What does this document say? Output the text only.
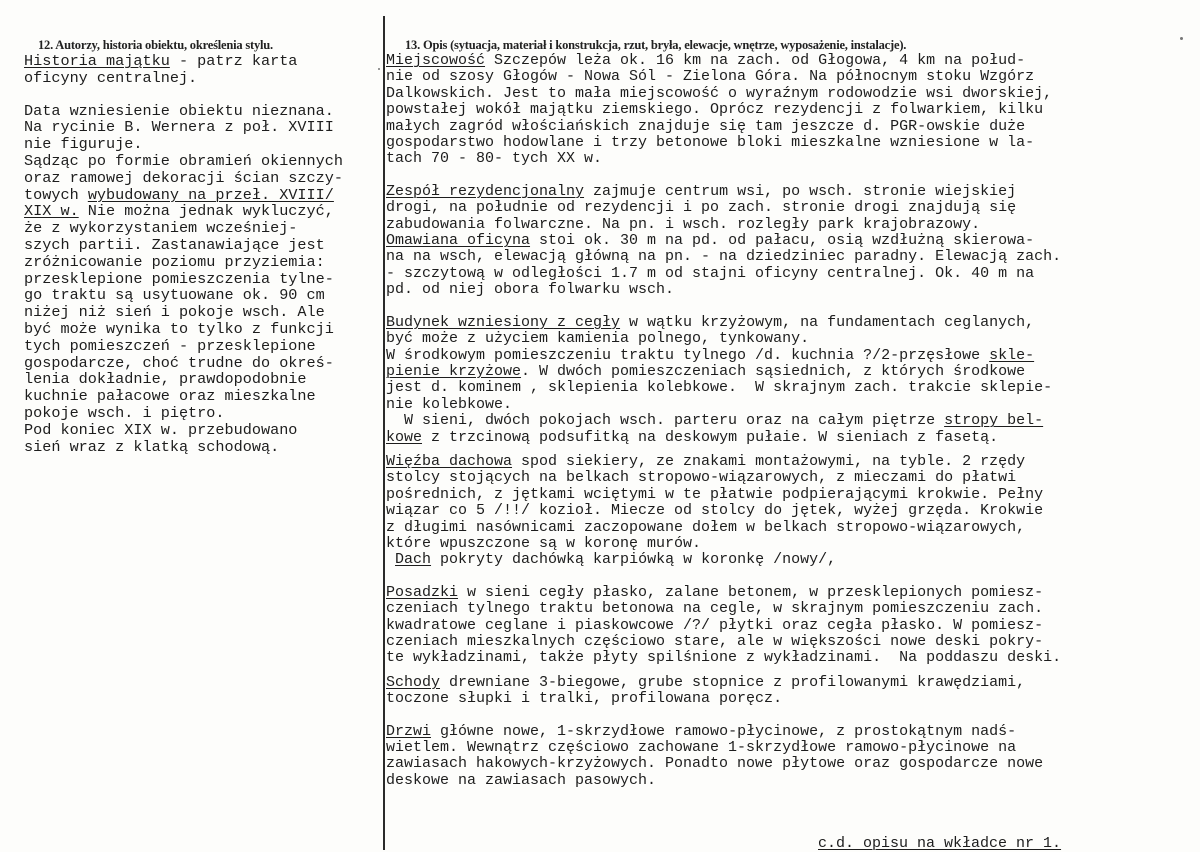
12. Autorzy, historia obiektu, określenia stylu.	13. Opis (sytuacja, materiał i konstrukcja, rzut, bryła, elewacje, wnętrze, wyposażenie, instalacje).
Historia majątku - patrz karta
oficyny centralnej.
Data wzniesienie obiektu nieznana.
Na rycinie B. Wernera z poł. XVIII
nie figuruje.
Sądząc po formie obramień okiennych
oraz ramowej dekoracji ścian szczy-
towych wybudowany na przeł. XVIII/
XIX w. Nie można jednak wykluczyć,
że z wykorzystaniem wcześniej-
szych partii. Zastanawiające jest
zróżnicowanie poziomu przyziemia:
przesklepione pomieszczenia tylne-
go traktu są usytuowane ok. 90 cm
niżej niż sień i pokoje wsch. Ale
być może wynika to tylko z funkcji
tych pomieszczeń - przesklepione
gospodarcze, choć trudne do okreś-
lenia dokładnie, prawdopodobnie
kuchnie pałacowe oraz mieszkalne
pokoje wsch. i piętro.
Pod koniec XIX w. przebudowano
sień wraz z klatką schodową.
Miejscowość Szczepów leża ok. 16 km na zach. od Głogowa, 4 km na połud-
nie od szosy Głogów - Nowa Sól - Zielona Góra. Na północnym stoku Wzgórz
Dalkowskich. Jest to mała miejscowość o wyraźnym rodowodzie wsi dworskiej,
powstałej wokół majątku ziemskiego. Oprócz rezydencji z folwarkiem, kilku
małych zagród włościańskich znajduje się tam jeszcze d. PGR-owskie duże
gospodarstwo hodowlane i trzy betonowe bloki mieszkalne wzniesione w la-
tach 70 - 80- tych XX w.
Zespół rezydencjonalny zajmuje centrum wsi, po wsch. stronie wiejskiej
drogi, na południe od rezydencji i po zach. stronie drogi znajdują się
zabudowania folwarczne. Na pn. i wsch. rozległy park krajobrazowy.
Omawiana oficyna stoi ok. 30 m na pd. od pałacu, osią wzdłużną skierowa-
na na wsch, elewacją główną na pn. - na dziedziniec paradny. Elewacją zach.
- szczytową w odległości 1.7 m od stajni oficyny centralnej. Ok. 40 m na
pd. od niej obora folwarku wsch.
Budynek wzniesiony z cegły w wątku krzyżowym, na fundamentach ceglanych,
być może z użyciem kamienia polnego, tynkowany.
W środkowym pomieszczeniu traktu tylnego /d. kuchnia ?/2-przęsłowe skle-
pienie krzyżowe. W dwóch pomieszczeniach sąsiednich, z których środkowe
jest d. kominem , sklepienia kolebkowe.  W skrajnym zach. trakcie sklepie-
nie kolebkowe.
W sieni, dwóch pokojach wsch. parteru oraz na całym piętrze stropy bel-
kowe z trzcinową podsufitką na deskowym pułaie. W sieniach z fasetą.
Więźba dachowa spod siekiery, ze znakami montażowymi, na tyble. 2 rzędy
stolcy stojących na belkach stropowo-wiązarowych, z mieczami do płatwi
pośrednich, z jętkami wciętymi w te płatwie podpierającymi krokwie. Pełny
wiązar co 5 /!!/ kozioł. Miecze od stolcy do jętek, wyżej grzęda. Krokwie
z długimi nasównicami zaczopowane dołem w belkach stropowo-wiązarowych,
które wpuszczone są w koronę murów.
Dach pokryty dachówką karpiówką w koronkę /nowy/,
Posadzki w sieni cegły płasko, zalane betonem, w przesklepionych pomiesz-
czeniach tylnego traktu betonowa na cegle, w skrajnym pomieszczeniu zach.
kwadratowe ceglane i piaskowcowe /?/ płytki oraz cegła płasko. W pomiesz-
czeniach mieszkalnych częściowo stare, ale w większości nowe deski pokry-
te wykładzinami, także płyty spilśnione z wykładzinami.  Na poddaszu deski.
Schody drewniane 3-biegowe, grube stopnice z profilowanymi krawędziami,
toczone słupki i tralki, profilowana poręcz.
Drzwi główne nowe, 1-skrzydłowe ramowo-płycinowe, z prostokątnym nadś-
wietlem. Wewnątrz częściowo zachowane 1-skrzydłowe ramowo-płycinowe na
zawiasach hakowych-krzyżowych. Ponadto nowe płytowe oraz gospodarcze nowe
deskowe na zawiasach pasowych.
c.d. opisu na wkładce nr 1.
